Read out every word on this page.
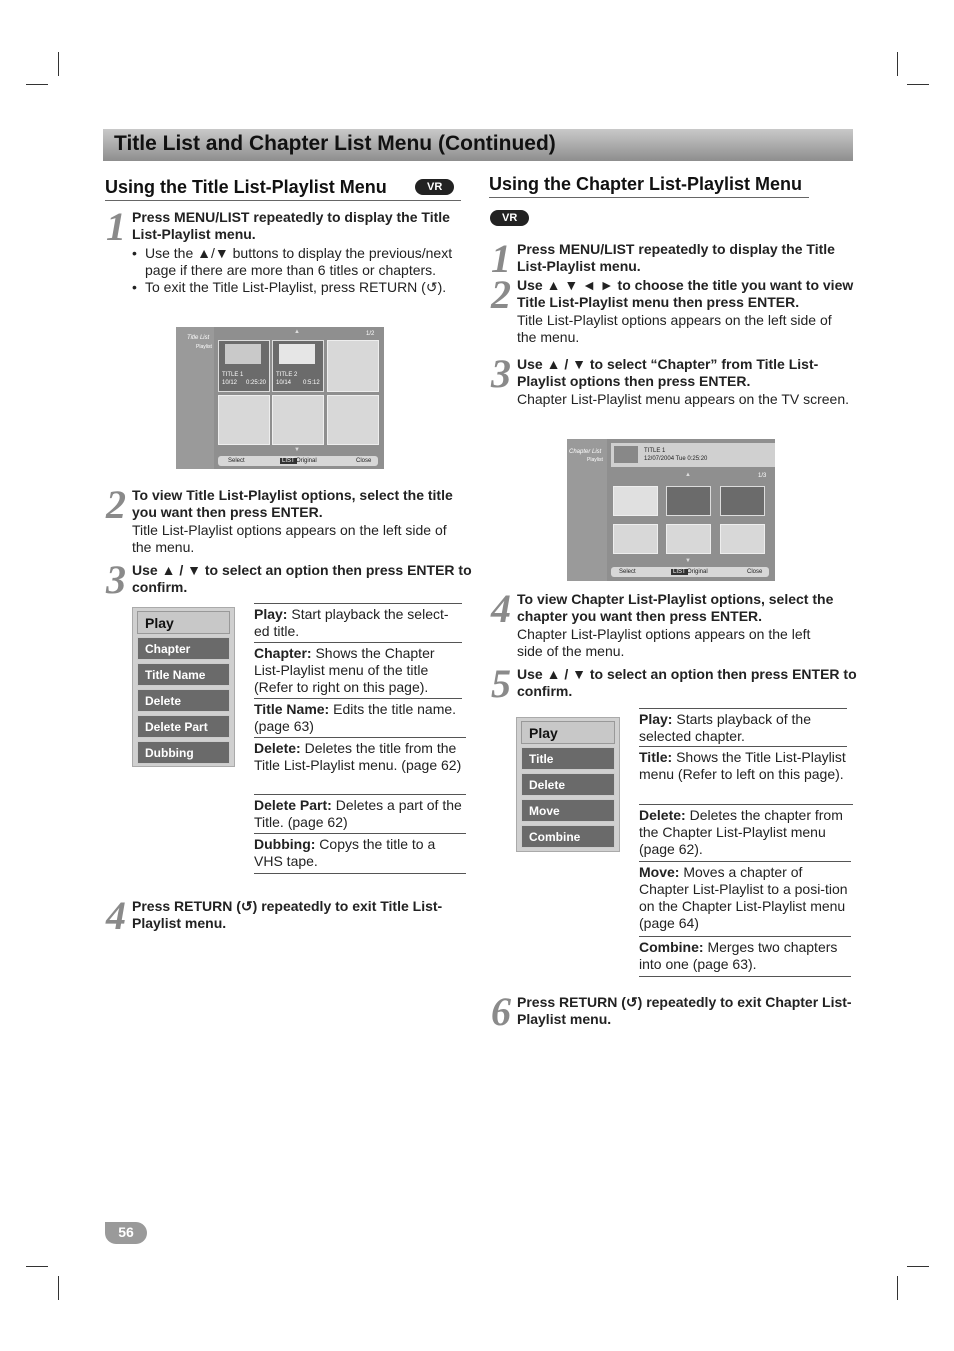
Title List and Chapter List Menu (Continued)
Using the Title List-Playlist Menu	VR
1 Press MENU/LIST repeatedly to display the Title List-Playlist menu.
• Use the ▲/▼ buttons to display the previous/next page if there are more than 6 titles or chapters.
• To exit the Title List-Playlist, press RETURN (↺).
Title List
Playlist
1/2
▲
TITLE 1
10/12 0:25:20
TITLE 2
10/14 0:5:12
▼
Select	LIST Original	Close
2 To view Title List-Playlist options, select the title you want then press ENTER.
Title List-Playlist options appears on the left side of the menu.
3 Use ▲ / ▼ to select an option then press ENTER to confirm.
Play
Chapter
Title Name
Delete
Delete Part
Dubbing
Play: Start playback the select-ed title.
Chapter: Shows the Chapter List-Playlist menu of the title (Refer to right on this page).
Title Name: Edits the title name. (page 63)
Delete: Deletes the title from the Title List-Playlist menu. (page 62)
Delete Part: Deletes a part of the Title. (page 62)
Dubbing: Copys the title to a VHS tape.
4 Press RETURN (↺) repeatedly to exit Title List-Playlist menu.
Using the Chapter List-Playlist Menu
VR
1 Press MENU/LIST repeatedly to display the Title List-Playlist menu.
2 Use ▲ ▼ ◄ ► to choose the title you want to view Title List-Playlist menu then press ENTER.
Title List-Playlist options appears on the left side of the menu.
3 Use ▲ / ▼ to select “Chapter” from Title List-Playlist options then press ENTER.
Chapter List-Playlist menu appears on the TV screen.
Chapter List
Playlist
TITLE 1
12/07/2004 Tue 0:25:20
▲	1/3
▼
Select	LIST Original	Close
4 To view Chapter List-Playlist options, select the chapter you want then press ENTER.
Chapter List-Playlist options appears on the left side of the menu.
5 Use ▲ / ▼ to select an option then press ENTER to confirm.
Play
Title
Delete
Move
Combine
Play: Starts playback of the selected chapter.
Title: Shows the Title List-Playlist menu (Refer to left on this page).
Delete: Deletes the chapter from the Chapter List-Playlist menu (page 62).
Move: Moves a chapter of Chapter List-Playlist to a posi-tion on the Chapter List-Playlist menu (page 64)
Combine: Merges two chapters into one (page 63).
6 Press RETURN (↺) repeatedly to exit Chapter List-Playlist menu.
56
